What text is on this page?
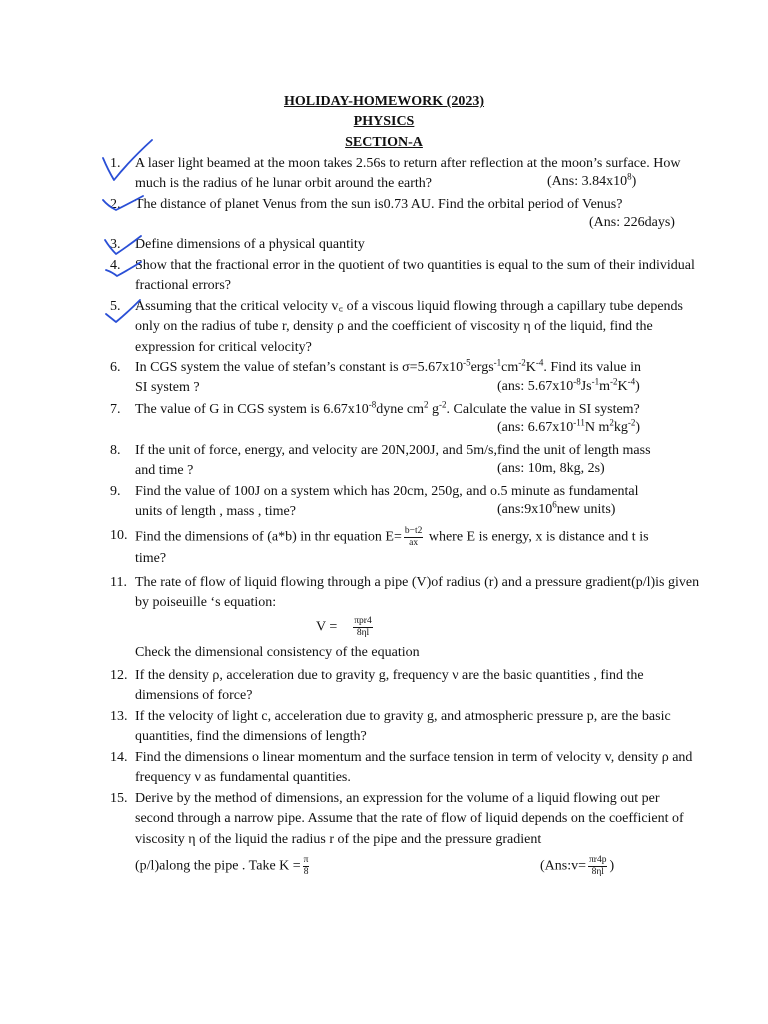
HOLIDAY-HOMEWORK (2023)
PHYSICS
SECTION-A
1.	A laser light beamed at the moon takes 2.56s to return after reflection at the moon’s surface. How much is the radius of he lunar orbit around the earth?	(Ans: $3.84x10^8$)
2.	The distance of planet Venus from the sun is0.73 AU. Find the orbital period of Venus?
(Ans: 226days)
3.	Define dimensions of a physical quantity
4.	Show that the fractional error in the quotient of two quantities is equal to the sum of their individual fractional errors?
5.	Assuming that the critical velocity v꜀ of a viscous liquid flowing through a capillary tube depends only on the radius of tube r, density ρ and the coefficient of viscosity η of the liquid, find the expression for critical velocity?
6.	In CGS system the value of stefan’s constant is $\sigma=5.67x10^{-5}ergs^{-1}cm^{-2}K^{-4}$. Find its value in
SI system ?	(ans: $5.67x10^{-8}Js^{-1}m^{-2}K^{-4}$)
7.	The value of G in CGS system is $6.67x10^{-8}dyne$ $cm^2$ $g^{-2}$. Calculate the value in SI system?
(ans: $6.67x10^{-11}N$ $m^2kg^{-2}$)
8.	If the unit of force, energy, and velocity are 20N,200J, and 5m/s,find the unit of length mass
and time ?	(ans: 10m, 8kg, 2s)
9.	Find the value of 100J on a system which has 20cm, 250g, and o.5 minute as fundamental
units of length , mass , time?	($ans:9x10^6new$ units)
10. Find the dimensions of (a*b) in thr equation $E= \frac{b-t2}{ax}$ where E is energy, x is distance and t is
time?
11. The rate of flow of liquid flowing through a pipe (V)of radius (r) and a pressure gradient(p/l)is given by poiseuille ‘s equation:
$V = \frac{\text{πpr4}}{8\eta l}$
Check the dimensional consistency of the equation
12. If the density ρ, acceleration due to gravity g, frequency ν are the basic quantities , find the dimensions of force?
13. If the velocity of light c, acceleration due to gravity g, and atmospheric pressure p, are the basic quantities, find the dimensions of length?
14. Find the dimensions o linear momentum and the surface tension in term of velocity v, density ρ and frequency ν as fundamental quantities.
15. Derive by the method of dimensions, an expression for the volume of a liquid flowing out per second through a narrow pipe. Assume that the rate of flow of liquid depends on the coefficient of viscosity η of the liquid the radius r of the pipe and the pressure gradient
(p/l)along the pipe . Take $K = \frac{\pi}{8}$	(Ans:v= $\frac{\pi r4p}{8\eta l}$ )
